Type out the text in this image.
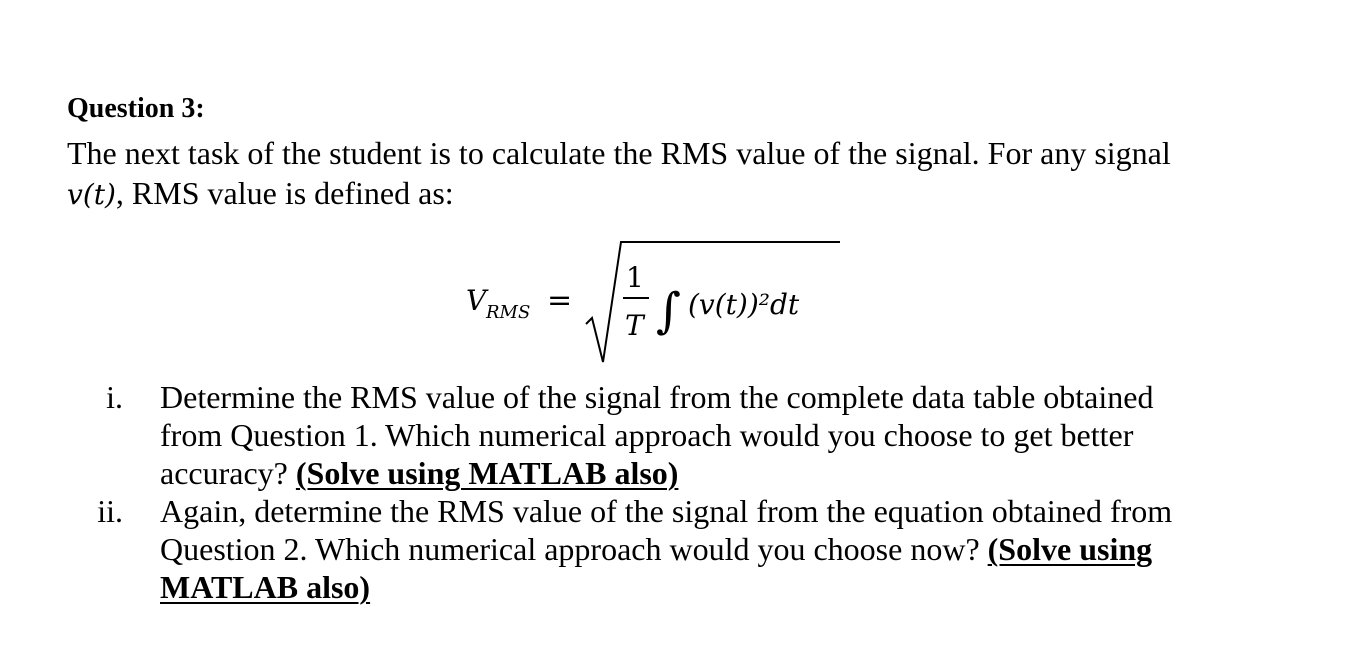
Question 3:
The next task of the student is to calculate the RMS value of the signal. For any signal
v(t), RMS value is defined as:
V RMS =
1
T ∫ (v(t))²dt
i. Determine the RMS value of the signal from the complete data table obtained
from Question 1. Which numerical approach would you choose to get better
accuracy? (Solve using MATLAB also)
ii. Again, determine the RMS value of the signal from the equation obtained from
Question 2. Which numerical approach would you choose now? (Solve using
MATLAB also)
